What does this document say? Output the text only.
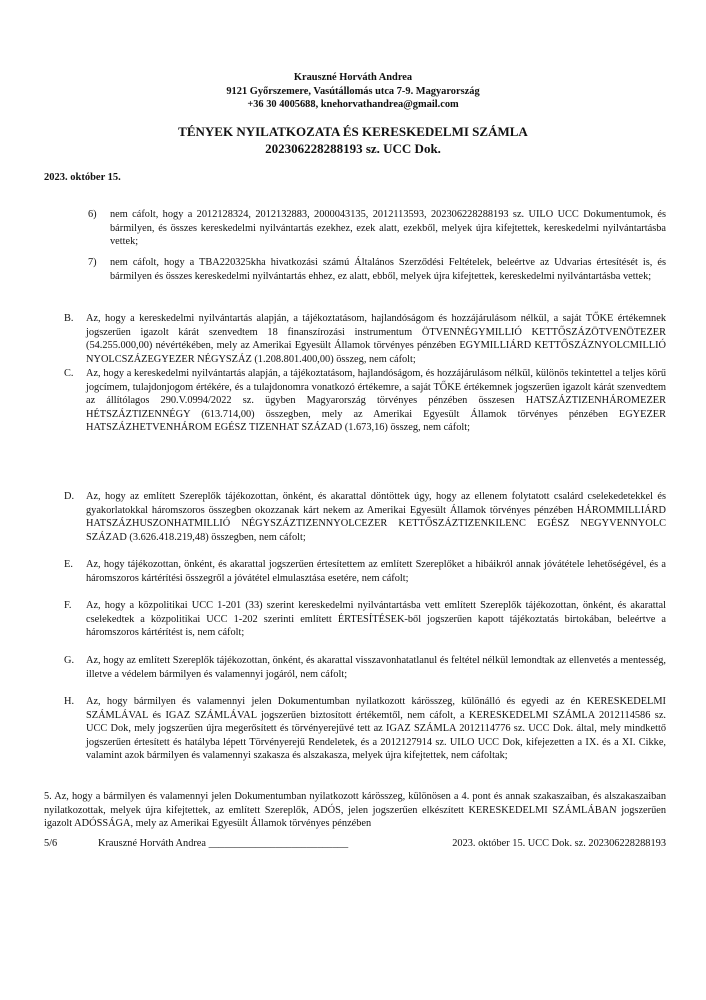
Krauszné Horváth Andrea
9121 Győrszemere, Vasútállomás utca 7-9. Magyarország
+36 30 4005688, knehorvathandrea@gmail.com
TÉNYEK NYILATKOZATA ÉS KERESKEDELMI SZÁMLA
202306228288193 sz. UCC Dok.
2023. október 15.
6) nem cáfolt, hogy a 2012128324, 2012132883, 2000043135, 2012113593, 202306228288193 sz. UILO UCC Dokumentumok, és bármilyen, és összes kereskedelmi nyilvántartás ezekhez, ezek alatt, ezekből, melyek újra kifejtettek, kereskedelmi nyilvántartásba vettek;
7) nem cáfolt, hogy a TBA220325kha hivatkozási számú Általános Szerződési Feltételek, beleértve az Udvarias értesítését is, és bármilyen és összes kereskedelmi nyilvántartás ehhez, ez alatt, ebből, melyek újra kifejtettek, kereskedelmi nyilvántartásba vettek;
B. Az, hogy a kereskedelmi nyilvántartás alapján, a tájékoztatásom, hajlandóságom és hozzájárulásom nélkül, a saját TŐKE értékemnek jogszerűen igazolt kárát szenvedtem 18 finanszírozási instrumentum ÖTVENNÉGYMILLIÓ KETTŐSZÁZÖTVENÖTEZER (54.255.000,00) névértékében, mely az Amerikai Egyesült Államok törvényes pénzében EGYMILLIÁRD KETTŐSZÁZNYOLCMILLIÓ NYOLCSZÁZEGYEZER NÉGYSZÁZ (1.208.801.400,00) összeg, nem cáfolt;
C. Az, hogy a kereskedelmi nyilvántartás alapján, a tájékoztatásom, hajlandóságom, és hozzájárulásom nélkül, különös tekintettel a teljes körű jogcímem, tulajdonjogom értékére, és a tulajdonomra vonatkozó értékemre, a saját TŐKE értékemnek jogszerűen igazolt kárát szenvedtem az állítólagos 290.V.0994/2022 sz. ügyben Magyarország törvényes pénzében összesen HATSZÁZTIZENHÁROMEZER HÉTSZÁZTIZENNÉGY (613.714,00) összegben, mely az Amerikai Egyesült Államok törvényes pénzében EGYEZER HATSZÁZHETVENHÁROM EGÉSZ TIZENHAT SZÁZAD (1.673,16) összeg, nem cáfolt;
D. Az, hogy az említett Szereplők tájékozottan, önként, és akarattal döntöttek úgy, hogy az ellenem folytatott csalárd cselekedetekkel és gyakorlatokkal háromszoros összegben okozzanak kárt nekem az Amerikai Egyesült Államok törvényes pénzében HÁROMMILLIÁRD HATSZÁZHUSZONHATMILLIÓ NÉGYSZÁZTIZENNYOLCEZER KETTŐSZÁZTIZENKILENC EGÉSZ NEGYVENNYOLC SZÁZAD (3.626.418.219,48) összegben, nem cáfolt;
E. Az, hogy tájékozottan, önként, és akarattal jogszerűen értesítettem az említett Szereplőket a hibáikról annak jóvátétele lehetőségével, és a háromszoros kártérítési összegről a jóvátétel elmulasztása esetére, nem cáfolt;
F. Az, hogy a közpolitikai UCC 1-201 (33) szerint kereskedelmi nyilvántartásba vett említett Szereplők tájékozottan, önként, és akarattal cselekedtek a közpolitikai UCC 1-202 szerinti említett ÉRTESÍTÉSEK-ből jogszerűen kapott tájékoztatás birtokában, beleértve a háromszoros kártérítést is, nem cáfolt;
G. Az, hogy az említett Szereplők tájékozottan, önként, és akarattal visszavonhatatlanul és feltétel nélkül lemondtak az ellenvetés a mentesség, illetve a védelem bármilyen és valamennyi jogáról, nem cáfolt;
H. Az, hogy bármilyen és valamennyi jelen Dokumentumban nyilatkozott kárösszeg, különálló és egyedi az én KERESKEDELMI SZÁMLÁVAL és IGAZ SZÁMLÁVAL jogszerűen biztosított értékemtől, nem cáfolt, a KERESKEDELMI SZÁMLA 2012114586 sz. UCC Dok, mely jogszerűen újra megerősített és törvényerejűvé tett az IGAZ SZÁMLA 2012114776 sz. UCC Dok. által, mely mindkettő jogszerűen értesített és hatályba lépett Törvényerejű Rendeletek, és a 2012127914 sz. UILO UCC Dok, kifejezetten a IX. és a XI. Cikke, valamint azok bármilyen és valamennyi szakasza és alszakasza, melyek újra kifejtettek, nem cáfoltak;
5. Az, hogy a bármilyen és valamennyi jelen Dokumentumban nyilatkozott kárösszeg, különösen a 4. pont és annak szakaszaiban, és alszakaszaiban nyilatkozottak, melyek újra kifejtettek, az említett Szereplők, ADÓS, jelen jogszerűen elkészített KERESKEDELMI SZÁMLÁBAN jogszerűen igazolt ADÓSSÁGA, mely az Amerikai Egyesült Államok törvényes pénzében
5/6	Krauszné Horváth Andrea ___________________________	2023. október 15. UCC Dok. sz. 202306228288193
